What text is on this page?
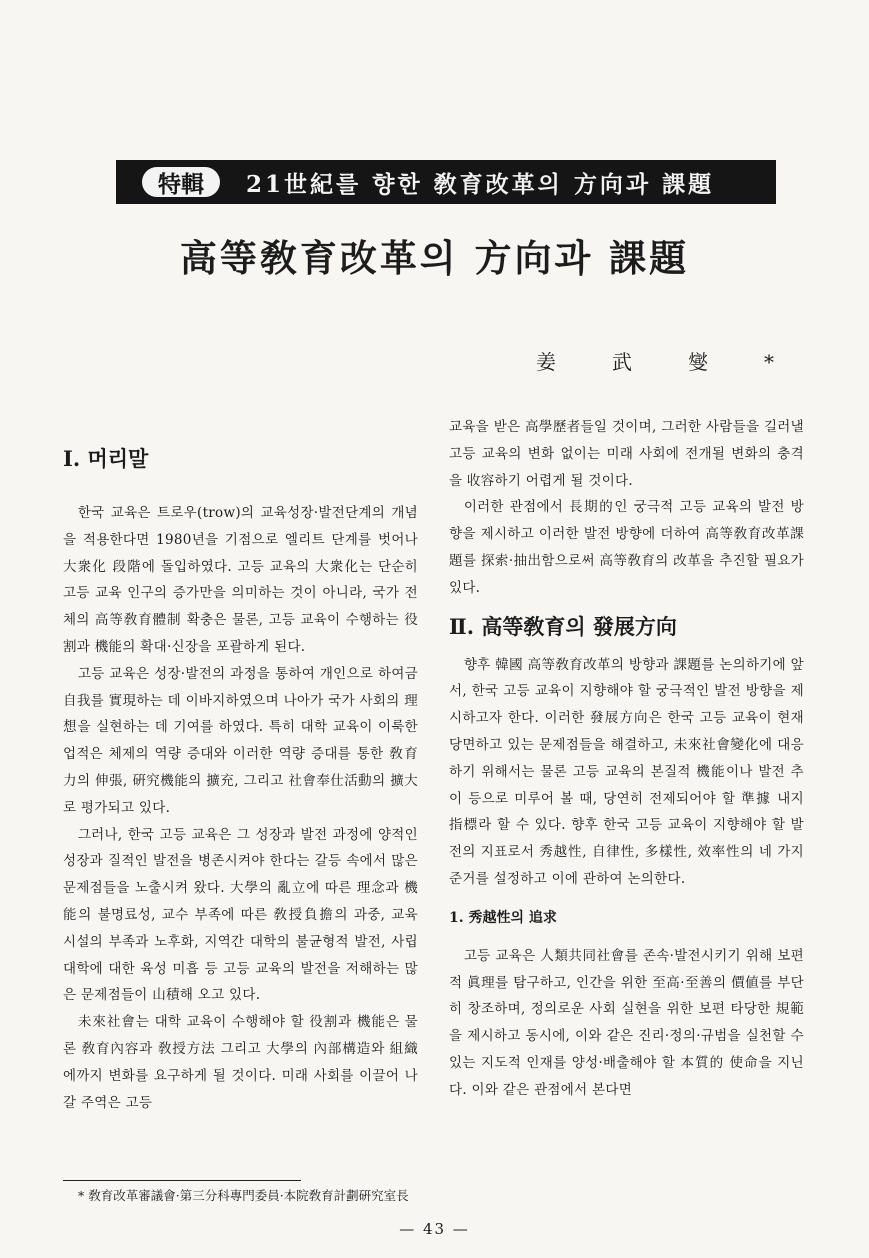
特輯	21世紀를 향한 敎育改革의 方向과 課題
高等敎育改革의 方向과 課題
姜武燮*
Ⅰ. 머리말

한국 교육은 트로우(trow)의 교육성장·발전단계의 개념을 적용한다면 1980년을 기점으로 엘리트 단계를 벗어나 大衆化 段階에 돌입하였다. 고등 교육의 大衆化는 단순히 고등 교육 인구의 증가만을 의미하는 것이 아니라, 국가 전체의 高等敎育體制 확충은 물론, 고등 교육이 수행하는 役割과 機能의 확대·신장을 포괄하게 된다.

고등 교육은 성장·발전의 과정을 통하여 개인으로 하여금 自我를 實現하는 데 이바지하였으며 나아가 국가 사회의 理想을 실현하는 데 기여를 하였다. 특히 대학 교육이 이룩한 업적은 체제의 역량 증대와 이러한 역량 증대를 통한 敎育力의 伸張, 硏究機能의 擴充, 그리고 社會奉仕活動의 擴大로 평가되고 있다.

그러나, 한국 고등 교육은 그 성장과 발전 과정에 양적인 성장과 질적인 발전을 병존시켜야 한다는 갈등 속에서 많은 문제점들을 노출시켜 왔다. 大學의 亂立에 따른 理念과 機能의 불명료성, 교수 부족에 따른 敎授負擔의 과중, 교육 시설의 부족과 노후화, 지역간 대학의 불균형적 발전, 사립 대학에 대한 육성 미흡 등 고등 교육의 발전을 저해하는 많은 문제점들이 山積해 오고 있다.

未來社會는 대학 교육이 수행해야 할 役割과 機能은 물론 敎育內容과 敎授方法 그리고 大學의 內部構造와 組織에까지 변화를 요구하게 될 것이다. 미래 사회를 이끌어 나갈 주역은 고등

교육을 받은 高學歷者들일 것이며, 그러한 사람들을 길러낼 고등 교육의 변화 없이는 미래 사회에 전개될 변화의 충격을 收容하기 어렵게 될 것이다.

이러한 관점에서 長期的인 궁극적 고등 교육의 발전 방향을 제시하고 이러한 발전 방향에 더하여 高等敎育改革課題를 探索·抽出함으로써 高等敎育의 改革을 추진할 필요가 있다.

Ⅱ. 高等敎育의 發展方向

향후 韓國 高等敎育改革의 방향과 課題를 논의하기에 앞서, 한국 고등 교육이 지향해야 할 궁극적인 발전 방향을 제시하고자 한다. 이러한 發展方向은 한국 고등 교육이 현재 당면하고 있는 문제점들을 해결하고, 未來社會變化에 대응하기 위해서는 물론 고등 교육의 본질적 機能이나 발전 추이 등으로 미루어 볼 때, 당연히 전제되어야 할 準據 내지 指標라 할 수 있다. 향후 한국 고등 교육이 지향해야 할 발전의 지표로서 秀越性, 自律性, 多樣性, 效率性의 네 가지 준거를 설정하고 이에 관하여 논의한다.

1. 秀越性의 追求

고등 교육은 人類共同社會를 존속·발전시키기 위해 보편적 眞理를 탐구하고, 인간을 위한 至高·至善의 價値를 부단히 창조하며, 정의로운 사회 실현을 위한 보편 타당한 規範을 제시하고 동시에, 이와 같은 진리·정의·규범을 실천할 수 있는 지도적 인재를 양성·배출해야 할 本質的 使命을 지닌다. 이와 같은 관점에서 본다면

* 敎育改革審議會·第三分科專門委員·本院敎育計劃硏究室長
— 43 —
